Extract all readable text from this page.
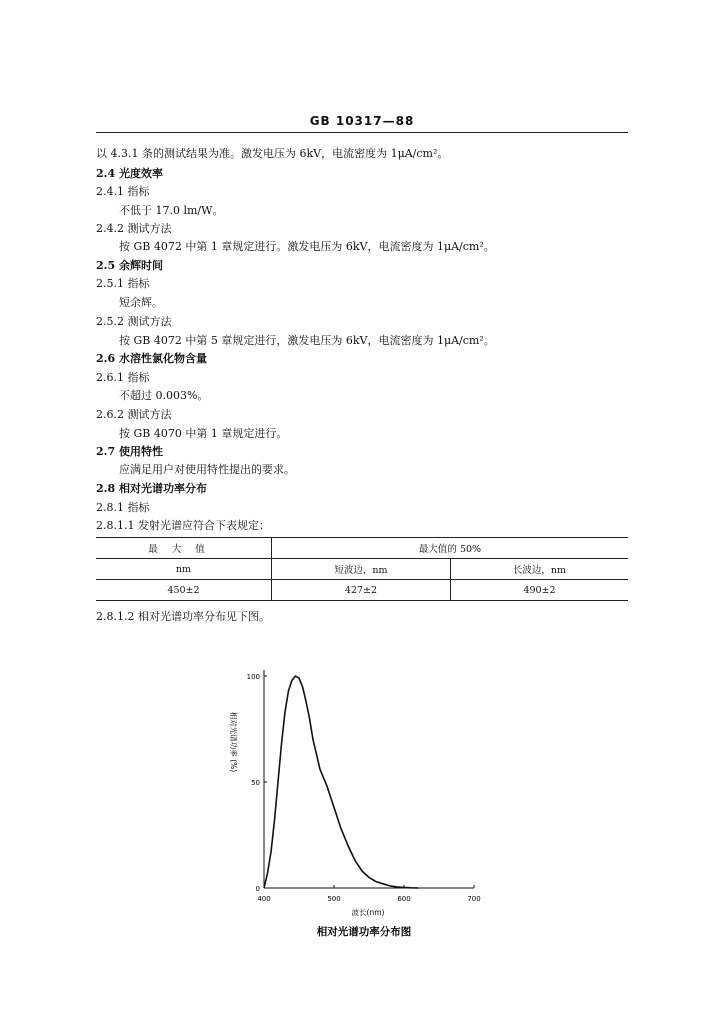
GB 10317—88
以 4.3.1 条的测试结果为准。激发电压为 6kV，电流密度为 1μA/cm²。
2.4 光度效率
2.4.1 指标
不低于 17.0 lm/W。
2.4.2 测试方法
按 GB 4072 中第 1 章规定进行。激发电压为 6kV，电流密度为 1μA/cm²。
2.5 余辉时间
2.5.1 指标
短余辉。
2.5.2 测试方法
按 GB 4072 中第 5 章规定进行，激发电压为 6kV，电流密度为 1μA/cm²。
2.6 水溶性氯化物含量
2.6.1 指标
不超过 0.003%。
2.6.2 测试方法
按 GB 4070 中第 1 章规定进行。
2.7 使用特性
应满足用户对使用特性提出的要求。
2.8 相对光谱功率分布
2.8.1 指标
2.8.1.1 发射光谱应符合下表规定：
最大值	最大值的 50%	
nm	短波边，nm	长波边，nm
450±2	427±2	490±2
2.8.1.2 相对光谱功率分布见下图。
400	500	600	700
0
50
100
波长(nm)
相对光谱功率 (%)
相对光谱功率分布图
